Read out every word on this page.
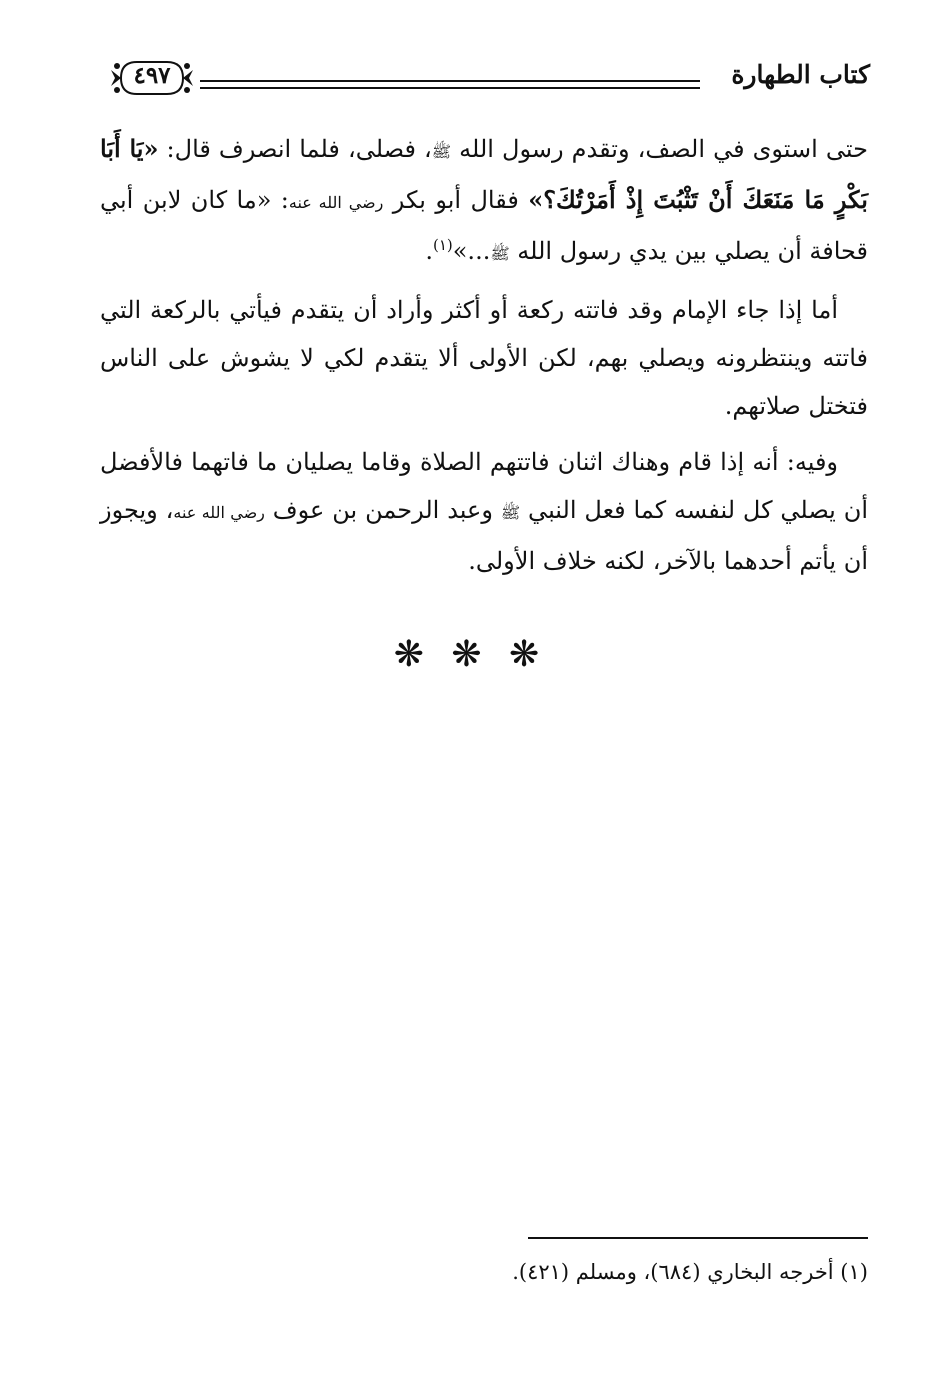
كتاب الطهارة
٤٩٧

حتى استوى في الصف، وتقدم رسول الله ﷺ، فصلى، فلما انصرف قال: «يَا أَبَا بَكْرٍ مَا مَنَعَكَ أَنْ تَثْبُتَ إِذْ أَمَرْتُكَ؟» فقال أبو بكر رضي الله عنه: «ما كان لابن أبي قحافة أن يصلي بين يدي رسول الله ﷺ...»$^{(١)}$.

أما إذا جاء الإمام وقد فاتته ركعة أو أكثر وأراد أن يتقدم فيأتي بالركعة التي فاتته وينتظرونه ويصلي بهم، لكن الأولى ألا يتقدم لكي لا يشوش على الناس فتختل صلاتهم.

وفيه: أنه إذا قام وهناك اثنان فاتتهم الصلاة وقاما يصليان ما فاتهما فالأفضل أن يصلي كل لنفسه كما فعل النبي ﷺ وعبد الرحمن بن عوف رضي الله عنه، ويجوز أن يأتم أحدهما بالآخر، لكنه خلاف الأولى.

❋ ❋ ❋
(١) أخرجه البخاري (٦٨٤)، ومسلم (٤٢١).
